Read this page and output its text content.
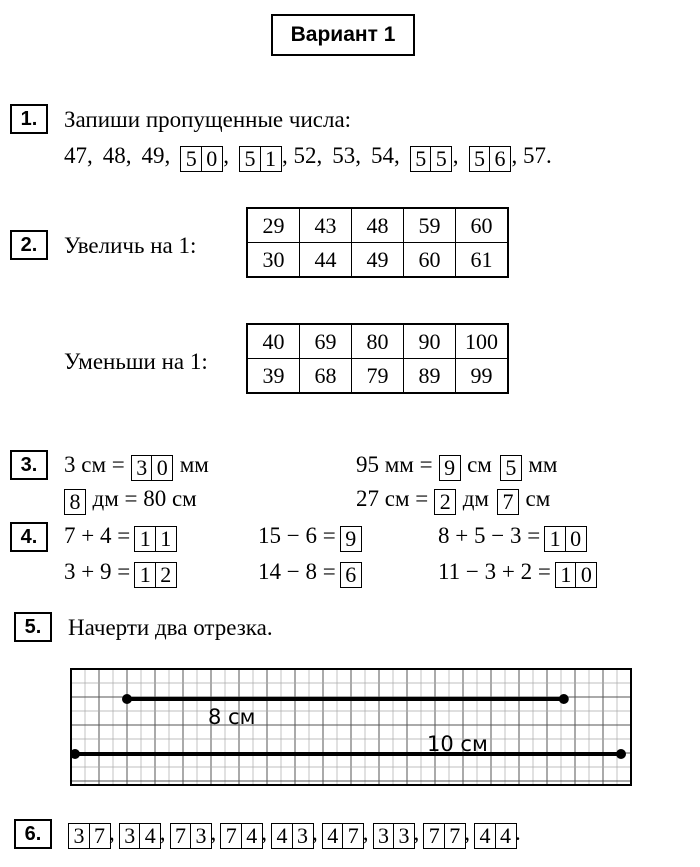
Вариант 1
1.	Запиши пропущенные числа:
47, 48, 49, 5 0 , 5 1 , 52, 53, 54, 5 5 , 5 6 , 57.
2.	Увеличь на 1:
29	43	48	59	60
30	44	49	60	61
Уменьши на 1:
40	69	80	90	100
39	68	79	89	99
3.	3 см = 3 0 мм
8 дм = 80 см
95 мм = 9 см 5 мм
27 см = 2 дм 7 см
4.	7 + 4 = 1 1
3 + 9 = 1 2
15 − 6 = 9
14 − 8 = 6
8 + 5 − 3 = 1 0
11 − 3 + 2 = 1 0
5.	Начерти два отрезка.
8 см
10 см
6.	3 7 , 3 4 , 7 3 , 7 4 , 4 3 , 4 7 , 3 3 , 7 7 , 4 4 .
